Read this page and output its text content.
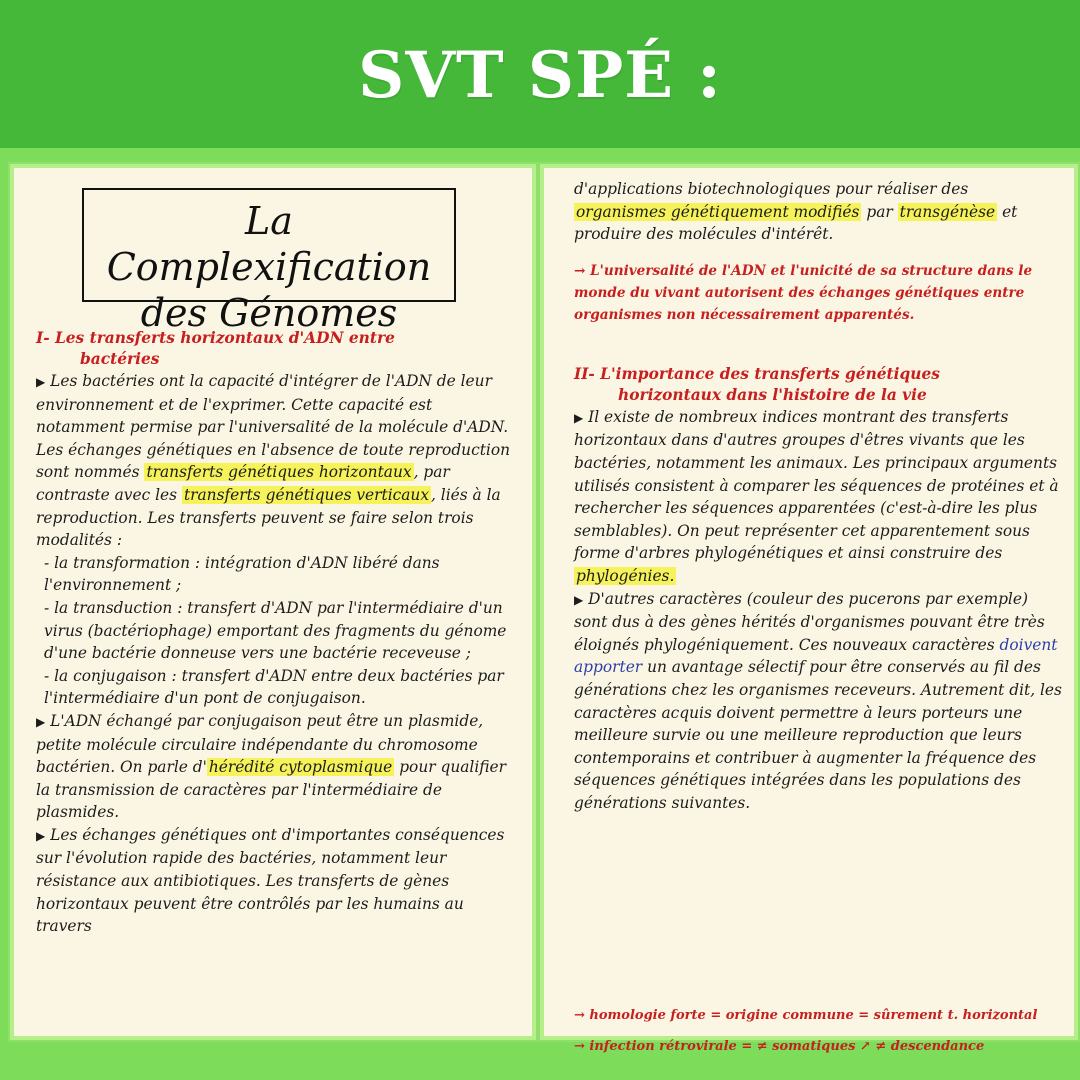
SVT SPÉ :
La Complexification
des Génomes

I- Les transferts horizontaux d'ADN entre
bactéries

▶ Les bactéries ont la capacité d'intégrer de l'ADN de leur environnement et de l'exprimer. Cette capacité est notamment permise par l'universalité de la molécule d'ADN.

Les échanges génétiques en l'absence de toute reproduction sont nommés transferts génétiques horizontaux , par contraste avec les transferts génétiques verticaux , liés à la reproduction. Les transferts peuvent se faire selon trois modalités :

- la transformation : intégration d'ADN libéré dans l'environnement ;

- la transduction : transfert d'ADN par l'intermédiaire d'un virus (bactériophage) emportant des fragments du génome d'une bactérie donneuse vers une bactérie receveuse ;

- la conjugaison : transfert d'ADN entre deux bactéries par l'intermédiaire d'un pont de conjugaison.

▶ L'ADN échangé par conjugaison peut être un plasmide, petite molécule circulaire indépendante du chromosome bactérien. On parle d' hérédité cytoplasmique pour qualifier la transmission de caractères par l'intermédiaire de plasmides.

▶ Les échanges génétiques ont d'importantes conséquences sur l'évolution rapide des bactéries, notamment leur résistance aux antibiotiques. Les transferts de gènes horizontaux peuvent être contrôlés par les humains au travers

d'applications biotechnologiques pour réaliser des organismes génétiquement modifiés par transgénèse et produire des molécules d'intérêt.

→ L'universalité de l'ADN et l'unicité de sa structure dans le monde du vivant autorisent des échanges génétiques entre organismes non nécessairement apparentés.

II- L'importance des transferts génétiques
horizontaux dans l'histoire de la vie

▶ Il existe de nombreux indices montrant des transferts horizontaux dans d'autres groupes d'êtres vivants que les bactéries, notamment les animaux. Les principaux arguments utilisés consistent à comparer les séquences de protéines et à rechercher les séquences apparentées (c'est-à-dire les plus semblables). On peut représenter cet apparentement sous forme d'arbres phylogénétiques et ainsi construire des phylogénies.

▶ D'autres caractères (couleur des pucerons par exemple) sont dus à des gènes hérités d'organismes pouvant être très éloignés phylogéniquement. Ces nouveaux caractères doivent apporter un avantage sélectif pour être conservés au fil des générations chez les organismes receveurs. Autrement dit, les caractères acquis doivent permettre à leurs porteurs une meilleure survie ou une meilleure reproduction que leurs contemporains et contribuer à augmenter la fréquence des séquences génétiques intégrées dans les populations des générations suivantes.

→ homologie forte = origine commune = sûrement t. horizontal

→ infection rétrovirale = ≠ somatiques ↗ ≠ descendance
